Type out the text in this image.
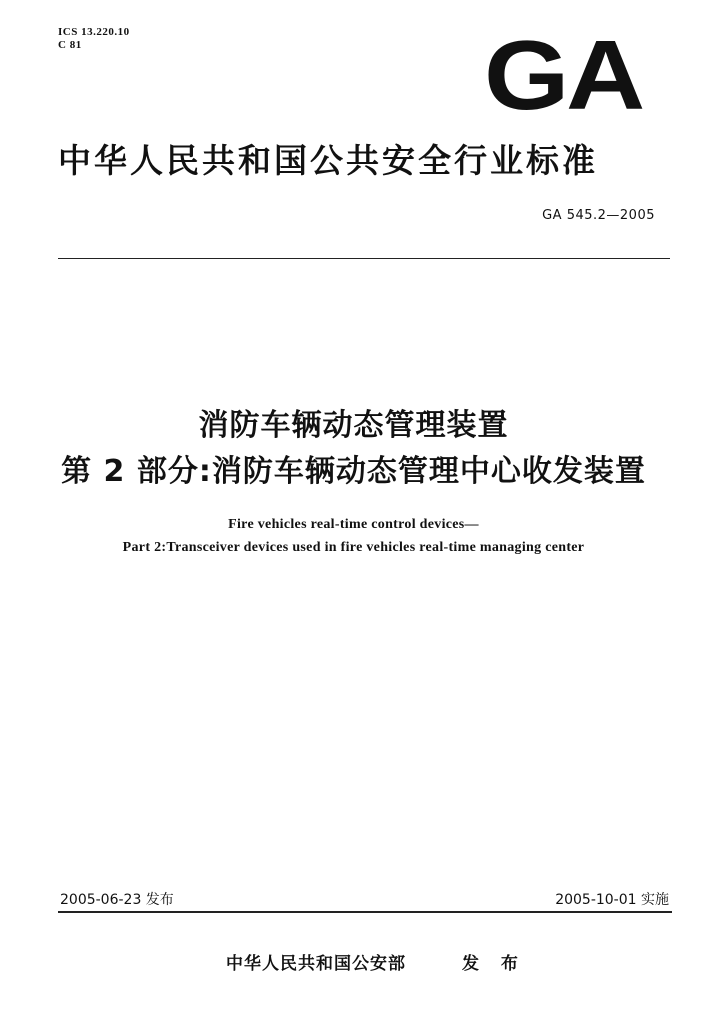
ICS 13.220.10
C 81	GA
中华人民共和国公共安全行业标准
GA 545.2—2005
消防车辆动态管理装置
第 2 部分:消防车辆动态管理中心收发装置
Fire vehicles real-time control devices—
Part 2:Transceiver devices used in fire vehicles real-time managing center
2005-06-23 发布	2005-10-01 实施
中华人民共和国公安部	发 布
